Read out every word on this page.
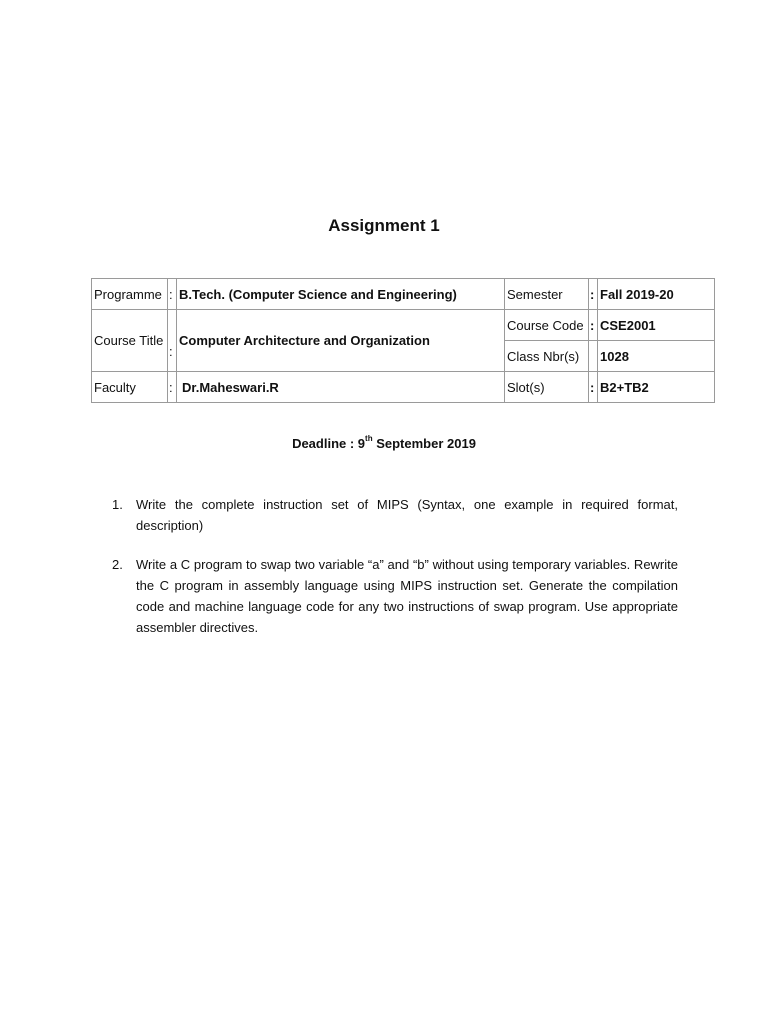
Assignment 1
Programme	:	B.Tech. (Computer Science and Engineering)	Semester	:	Fall 2019-20
Course Title	:	Computer Architecture and Organization	Course Code	:	CSE2001
			Class Nbr(s)		1028
Faculty	:	Dr.Maheswari.R	Slot(s)	:	B2+TB2
Deadline : 9th September 2019
1. Write the complete instruction set of MIPS (Syntax, one example in required format, description)
2. Write a C program to swap two variable “a” and “b” without using temporary variables. Rewrite the C program in assembly language using MIPS instruction set. Generate the compilation code and machine language code for any two instructions of swap program. Use appropriate assembler directives.
